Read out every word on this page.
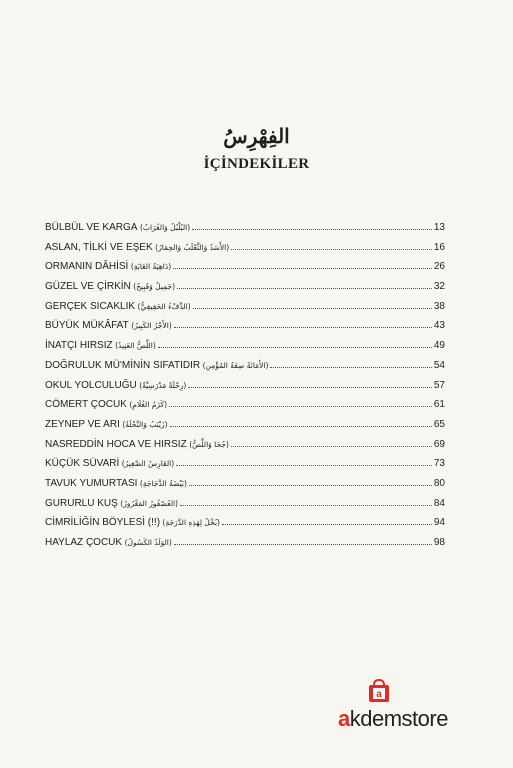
الفِهْرِسُ
İÇİNDEKİLER
BÜLBÜL VE KARGA (البُلْبُلُ وَالغُرَابُ)	13
ASLAN, TİLKİ VE EŞEK (الأَسَدُ وَالثَّعْلَبُ وَالحِمَارُ)	16
ORMANIN DÂHİSİ (دَاهِيَةُ الغَابَةِ)	26
GÜZEL VE ÇİRKİN (جَمِيلٌ وَقَبِيحٌ)	32
GERÇEK SICAKLIK (الدِّفْءُ الحَقِيقِيُّ)	38
BÜYÜK MÜKÂFAT (الأَجْرُ الكَبِيرُ)	43
İNATÇI HIRSIZ (اللِّصُّ العَنِيدُ)	49
DOĞRULUK MÜ'MİNİN SIFATIDIR (الأَمَانَةُ صِفَةُ المُؤْمِنِ)	54
OKUL YOLCULUĞU (رِحْلَةٌ مَدْرَسِيَّةٌ)	57
CÖMERT ÇOCUK (كَرَمُ الغُلَامِ)	61
ZEYNEP VE ARI (زَيْنَبُ وَالنَّحْلَةُ)	65
NASREDDİN HOCA VE HIRSIZ (جُحَا وَاللِّصُّ)	69
KÜÇÜK SÜVARİ (الفَارِسُ الصَّغِيرُ)	73
TAVUK YUMURTASI (بَيْضَةُ الدَّجَاجَةِ)	80
GURURLU KUŞ (العُصْفُورُ المَغْرُورُ)	84
CİMRİLİĞİN BÖYLESİ (!!) (بُخْلٌ لِهَذِهِ الدَّرَجَةِ)	94
HAYLAZ ÇOCUK (الوَلَدُ الكَسُولُ)	98
a
akdemstore
